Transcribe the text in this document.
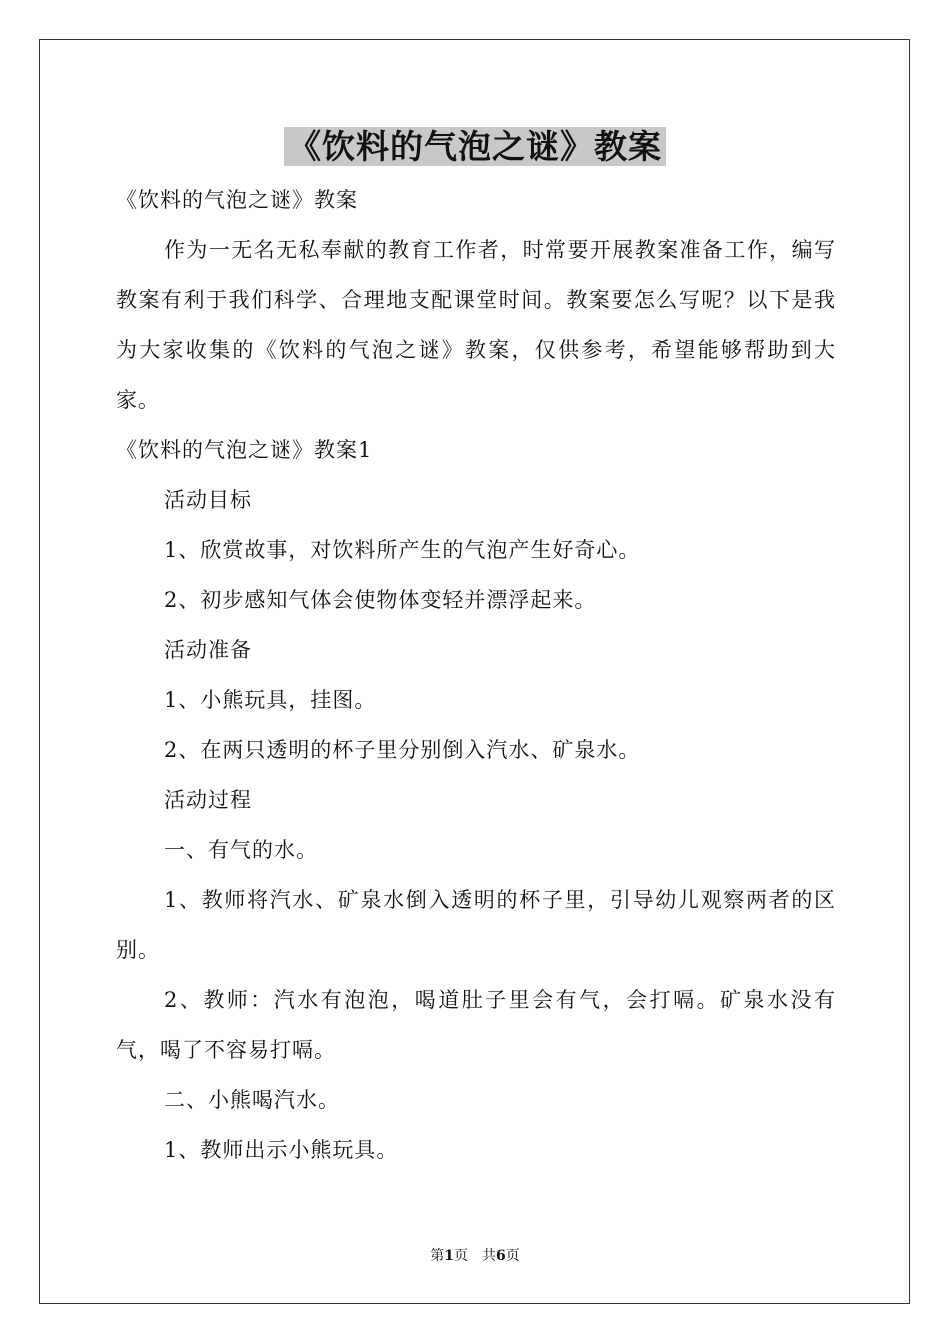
《饮料的气泡之谜》教案

《饮料的气泡之谜》教案

作为一无名无私奉献的教育工作者，时常要开展教案准备工作，编写教案有利于我们科学、合理地支配课堂时间。教案要怎么写呢？以下是我为大家收集的《饮料的气泡之谜》教案，仅供参考，希望能够帮助到大家。

《饮料的气泡之谜》教案1

活动目标

1、欣赏故事，对饮料所产生的气泡产生好奇心。

2、初步感知气体会使物体变轻并漂浮起来。

活动准备

1、小熊玩具，挂图。

2、在两只透明的杯子里分别倒入汽水、矿泉水。

活动过程

一、有气的水。

1、教师将汽水、矿泉水倒入透明的杯子里，引导幼儿观察两者的区别。

2、教师：汽水有泡泡，喝道肚子里会有气，会打嗝。矿泉水没有气，喝了不容易打嗝。

二、小熊喝汽水。

1、教师出示小熊玩具。

第1页　共6页
